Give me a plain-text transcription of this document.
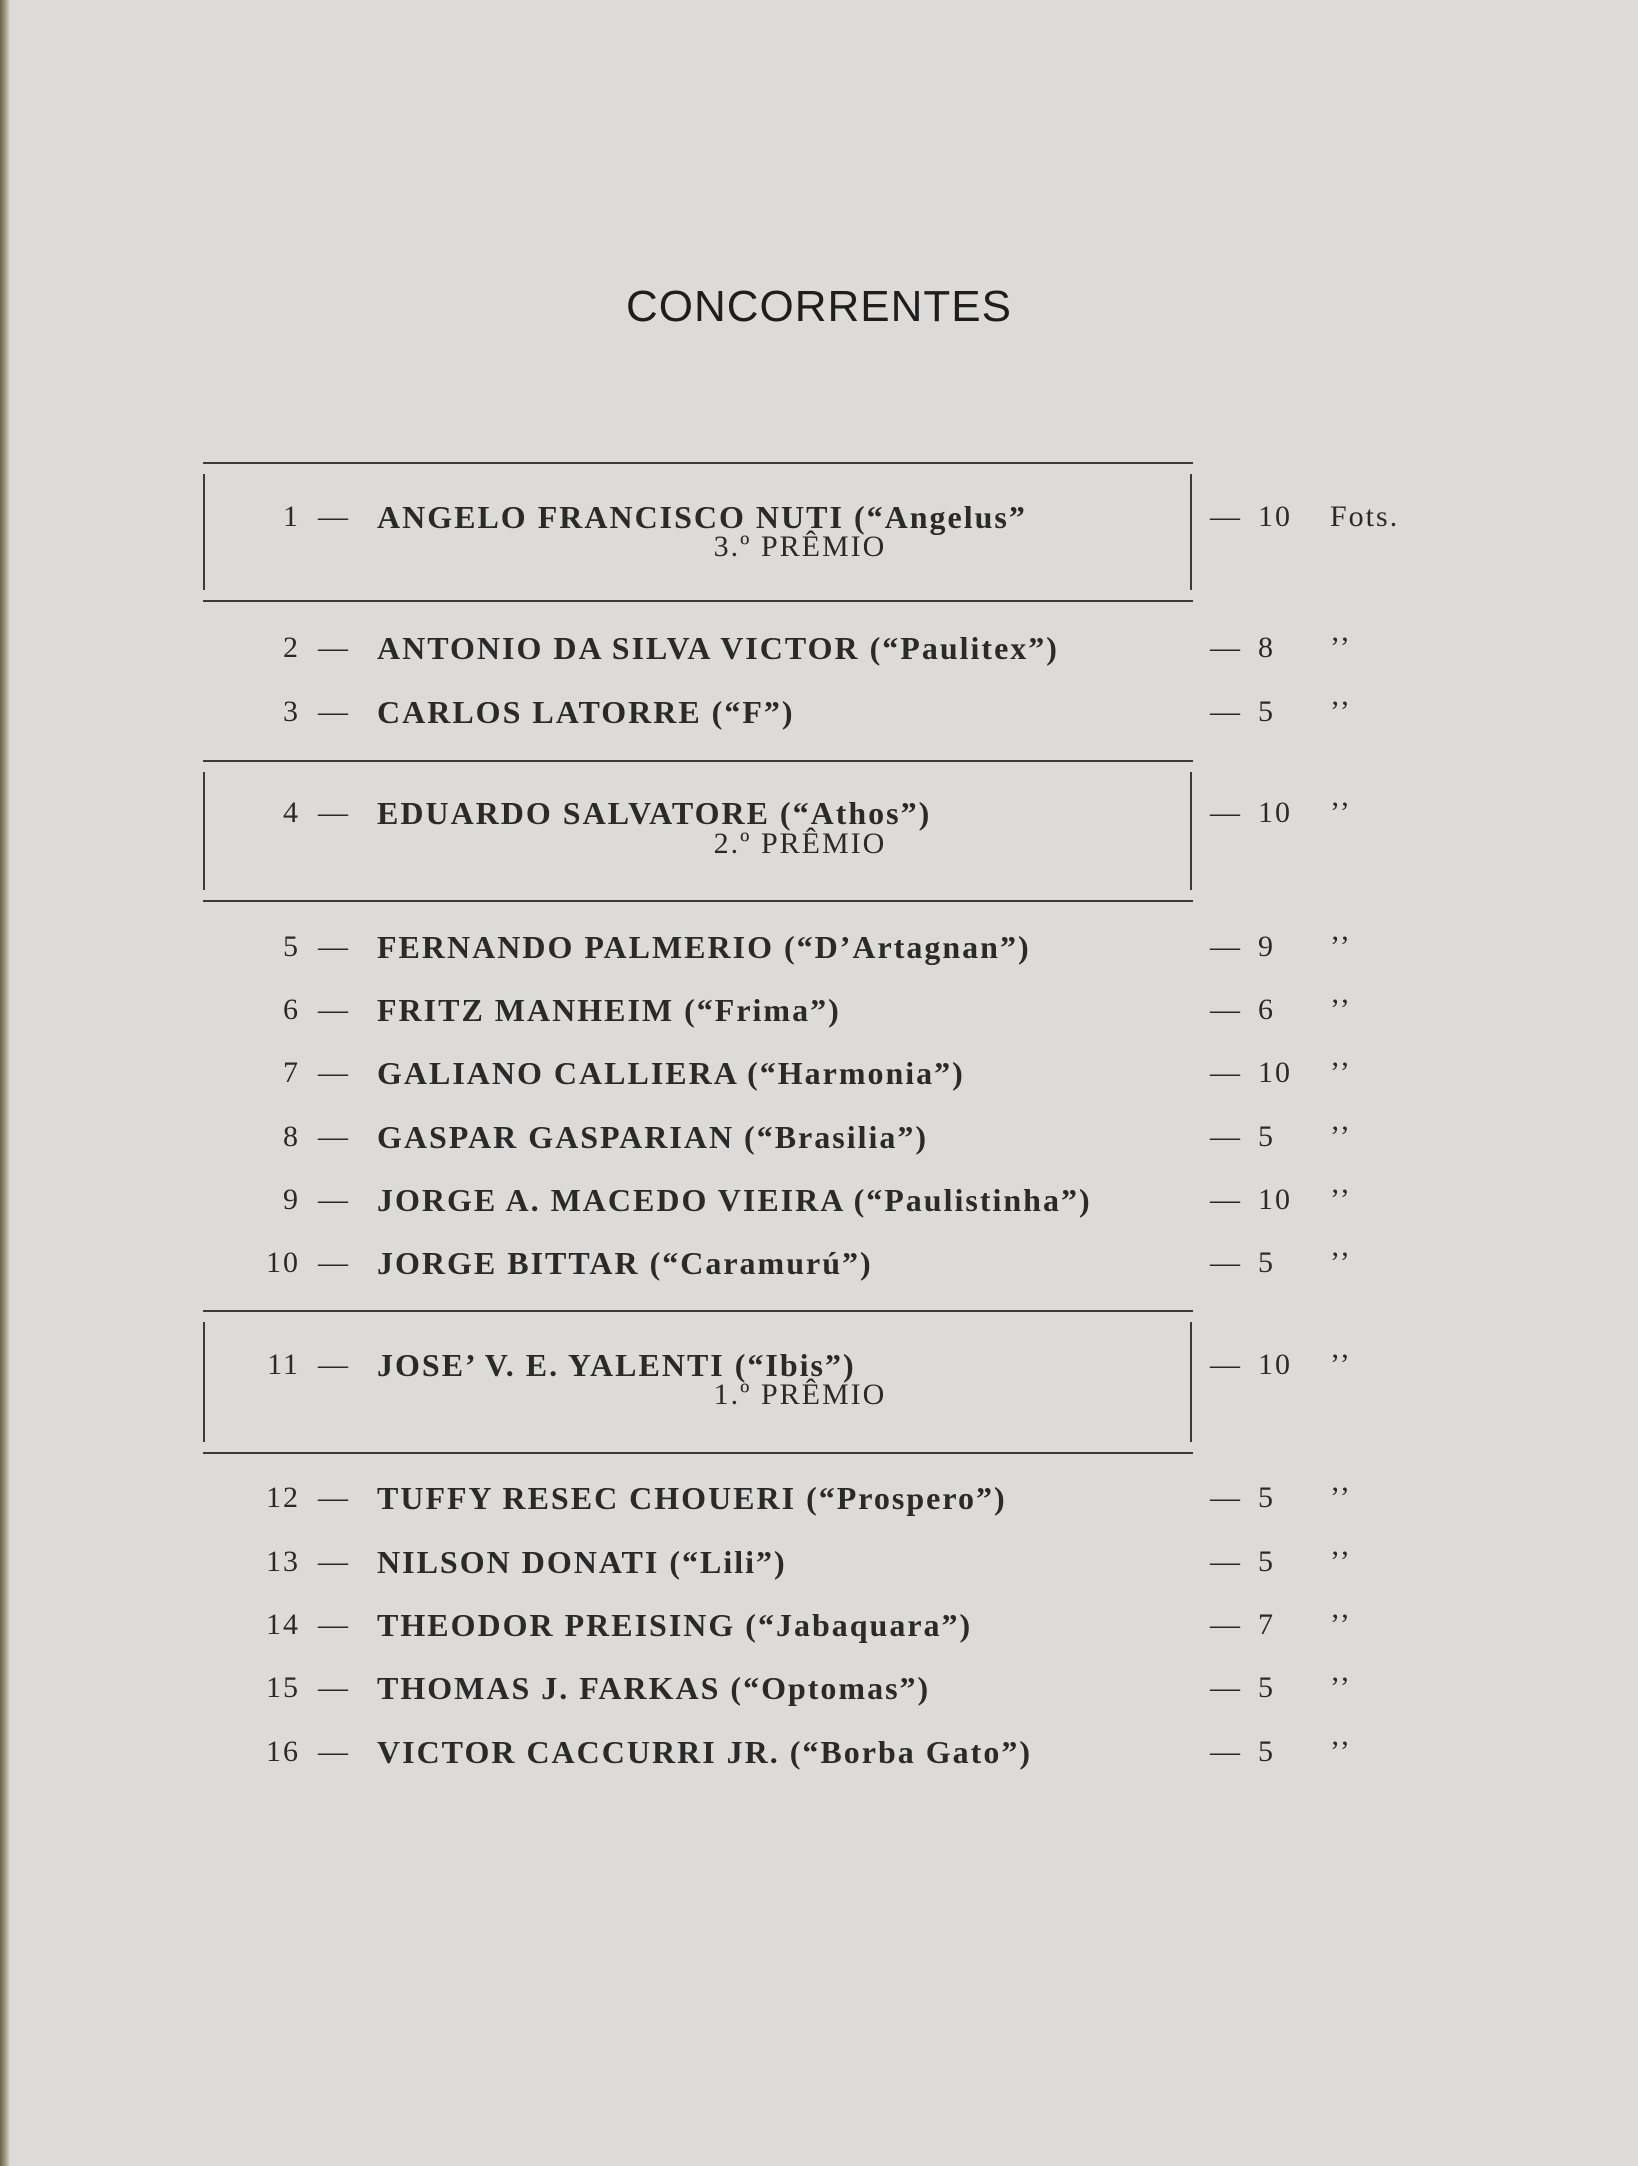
CONCORRENTES
1 — ANGELO FRANCISCO NUTI (“Angelus”	— 10 Fots.
3.º PRÊMIO
2 — ANTONIO DA SILVA VICTOR (“Paulitex”)	— 8 ’’
3 — CARLOS LATORRE (“F”)	— 5 ’’
4 — EDUARDO SALVATORE (“Athos”)	— 10 ’’
2.º PRÊMIO
5 — FERNANDO PALMERIO (“D’Artagnan”)	— 9 ’’
6 — FRITZ MANHEIM (“Frima”)	— 6 ’’
7 — GALIANO CALLIERA (“Harmonia”)	— 10 ’’
8 — GASPAR GASPARIAN (“Brasilia”)	— 5 ’’
9 — JORGE A. MACEDO VIEIRA (“Paulistinha”)	— 10 ’’
10 — JORGE BITTAR (“Caramurú”)	— 5 ’’
11 — JOSE’ V. E. YALENTI (“Ibis”)	— 10 ’’
1.º PRÊMIO
12 — TUFFY RESEC CHOUERI (“Prospero”)	— 5 ’’
13 — NILSON DONATI (“Lili”)	— 5 ’’
14 — THEODOR PREISING (“Jabaquara”)	— 7 ’’
15 — THOMAS J. FARKAS (“Optomas”)	— 5 ’’
16 — VICTOR CACCURRI JR. (“Borba Gato”)	— 5 ’’
